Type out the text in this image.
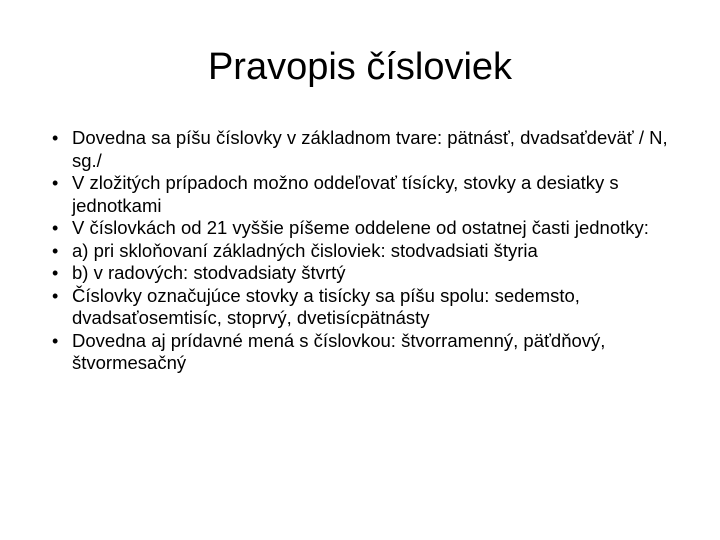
Pravopis čísloviek
• Dovedna sa píšu číslovky v základnom tvare: pätnásť, dvadsaťdeväť / N, sg./
• V zložitých prípadoch možno oddeľovať tísícky, stovky a desiatky s jednotkami
• V číslovkách od 21 vyššie píšeme oddelene od ostatnej časti jednotky:
• a) pri skloňovaní základných čisloviek: stodvadsiati štyria
• b) v radových: stodvadsiaty štvrtý
• Číslovky označujúce stovky a tisícky sa píšu spolu: sedemsto, dvadsaťosemtisíc, stoprvý, dvetisícpätnásty
• Dovedna aj prídavné mená s číslovkou: štvorramenný, päťdňový, štvormesačný
